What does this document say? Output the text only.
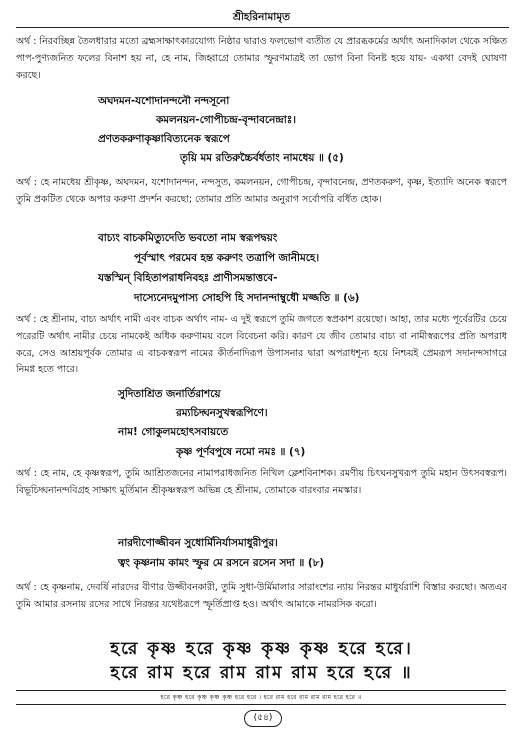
শ্রীহরিনামামৃত
অর্থ : নিরবচ্ছিন্ন তৈলধারার মতো ব্রহ্মসাক্ষাৎকারযোগ্য নিষ্ঠার দ্বারাও ফলভোগ ব্যতীত যে প্রারব্ধকর্মের অর্থাৎ অনাদিকাল থেকে সঞ্চিত পাপ-পুণ্যজনিত ফলের বিনাশ হয় না, হে নাম, জিহ্বাগ্রে তোমার স্ফুরণমাত্রই তা ভোগ বিনা বিনষ্ট হয়ে যায়- একথা বেদই ঘোষণা করছে।
অঘদমন-যশোদানন্দনৌ নন্দসূনো
কমলনয়ন-গোপীচন্দ্র-বৃন্দাবনেন্দ্রাঃ।
প্রণতকরুণাকৃষ্ণাবিত্যনেক স্বরূপে
তৃয়ি মম রতিরুচ্চৈর্বর্ধতাং নামধেয় ॥ (৫)
অর্থ : হে নামধেয় শ্রীকৃষ্ণ, অঘদমন, যশোদানন্দন, নন্দসুত, কমলনয়ন, গোপীচন্দ্র, বৃন্দাবনেন্দ্র, প্রণতকরুণ, কৃষ্ণ, ইত্যাদি অনেক স্বরূপে তুমি প্রকটিত থেকে অপার করুণা প্রদর্শন করছো; তোমার প্রতি আমার অনুরাগ সর্বোপরি বর্ধিত হোক।
বাচ্যং বাচকমিত্যুদেতি ভবতো নাম স্বরূপদ্বয়ং
পূর্বস্মাৎ পরমেব হন্ত করুণং তত্রাপি জানীমহে।
যস্তস্মিন্ বিহিতাপরাধনিবহঃ প্রাণীসমন্তাত্তবে-
দাস্যেনেদমুপাস্য সোহপি হি সদানন্দাম্বুধৌ মজ্জতি ॥ (৬)
অর্থ : হে শ্রীনাম, বাচ্য অর্থাৎ নামী এবং বাচক অর্থাৎ নাম- এ দুই স্বরূপে তুমি জগতে স্বপ্রকাশ রয়েছো। আহা, তার মধ্যে পূর্বেরটির চেয়ে পরেরটি অর্থাৎ নামীর চেয়ে নামকেই অধিক করুণাময় বলে বিবেচনা করি। কারণ যে জীব তোমার বাচ্য বা নামীস্বরূপের প্রতি অপরাধ করে, সেও আশ্রয়পূর্বক তোমার এ বাচকস্বরূপ নামের কীর্তনাদিরূপ উপাসনার দ্বারা অপরাধশূন্য হয়ে নিশ্চয়ই প্রেমরূপ সদানন্দসাগরে নিমগ্ন হতে পারে।
সুদিতাশ্রিত জনার্তিরাশয়ে
রম্যচিদ্ঘনসুখস্বরূপিণে।
নাম! গোকুলমহোৎসবায়তে
কৃষ্ণ পূর্ণবপুষে নমো নমঃ ॥ (৭)
অর্থ : হে নাম, হে কৃষ্ণস্বরূপ, তুমি আশ্রিতজনের নামাপরাধজনিত নিখিল ক্লেশবিনাশক। রমণীয় চিৎঘনসুখরূপ তুমি মহান উৎসবস্বরূপ। বিভূচিদ্ঘনানন্দবিগ্রহ সাক্ষাৎ মূর্তিমান শ্রীকৃষ্ণস্বরূপ অভিন্ন হে শ্রীনাম, তোমাকে বারংবার নমস্কার।
নারদীণোজ্জীবন সুধোর্মিনির্যাসমাধুরীপুর।
ত্বং কৃষ্ণনাম কামং স্ফুর মে রসনে রসেন সদা ॥ (৮)
অর্থ : হে কৃষ্ণনাম, দেবর্ষি নারদের বীণার উজ্জীবনকারী, তুমি সুধা-উর্মিমালার সারাংশের ন্যায় নিরন্তর মাধুর্যরাশি বিস্তার করছো। অতএব তুমি আমার রসনায় রসের সাথে নিরন্তর যথেষ্টরূপে স্ফূর্তিপ্রাপ্ত হও। অর্থাৎ আমাকে নামরসিক করো।
হরে কৃষ্ণ হরে কৃষ্ণ কৃষ্ণ কৃষ্ণ হরে হরে।
হরে রাম হরে রাম রাম রাম হরে হরে ॥
হরে কৃষ্ণ হরে কৃষ্ণ কৃষ্ণ কৃষ্ণ হরে হরে । হরে রাম হরে রাম রাম রাম হরে হরে ॥
(৫৪)
